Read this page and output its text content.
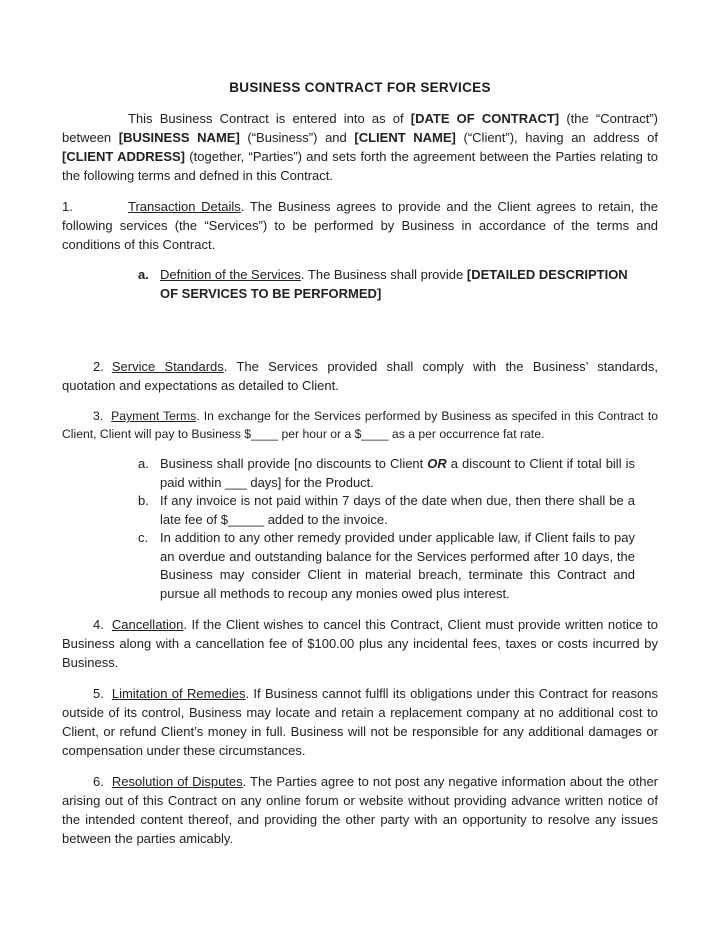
BUSINESS CONTRACT FOR SERVICES

This Business Contract is entered into as of [DATE OF CONTRACT] (the “Contract”) between [BUSINESS NAME] (“Business”) and [CLIENT NAME] (“Client”), having an address of [CLIENT ADDRESS] (together, “Parties”) and sets forth the agreement between the Parties relating to the following terms and defned in this Contract.

1.	Transaction Details. The Business agrees to provide and the Client agrees to retain, the following services (the “Services”) to be performed by Business in accordance of the terms and conditions of this Contract.

a. Defnition of the Services. The Business shall provide [DETAILED DESCRIPTION OF SERVICES TO BE PERFORMED]

2. Service Standards. The Services provided shall comply with the Business’ standards, quotation and expectations as detailed to Client.

3. Payment Terms. In exchange for the Services performed by Business as specifed in this Contract to Client, Client will pay to Business $____ per hour or a $____ as a per occurrence fat rate.

a. Business shall provide [no discounts to Client OR a discount to Client if total bill is paid within ___ days] for the Product.

b. If any invoice is not paid within 7 days of the date when due, then there shall be a late fee of $_____ added to the invoice.

c. In addition to any other remedy provided under applicable law, if Client fails to pay an overdue and outstanding balance for the Services performed after 10 days, the Business may consider Client in material breach, terminate this Contract and pursue all methods to recoup any monies owed plus interest.

4. Cancellation. If the Client wishes to cancel this Contract, Client must provide written notice to Business along with a cancellation fee of $100.00 plus any incidental fees, taxes or costs incurred by Business.

5. Limitation of Remedies. If Business cannot fulfll its obligations under this Contract for reasons outside of its control, Business may locate and retain a replacement company at no additional cost to Client, or refund Client’s money in full. Business will not be responsible for any additional damages or compensation under these circumstances.

6. Resolution of Disputes. The Parties agree to not post any negative information about the other arising out of this Contract on any online forum or website without providing advance written notice of the intended content thereof, and providing the other party with an opportunity to resolve any issues between the parties amicably.
